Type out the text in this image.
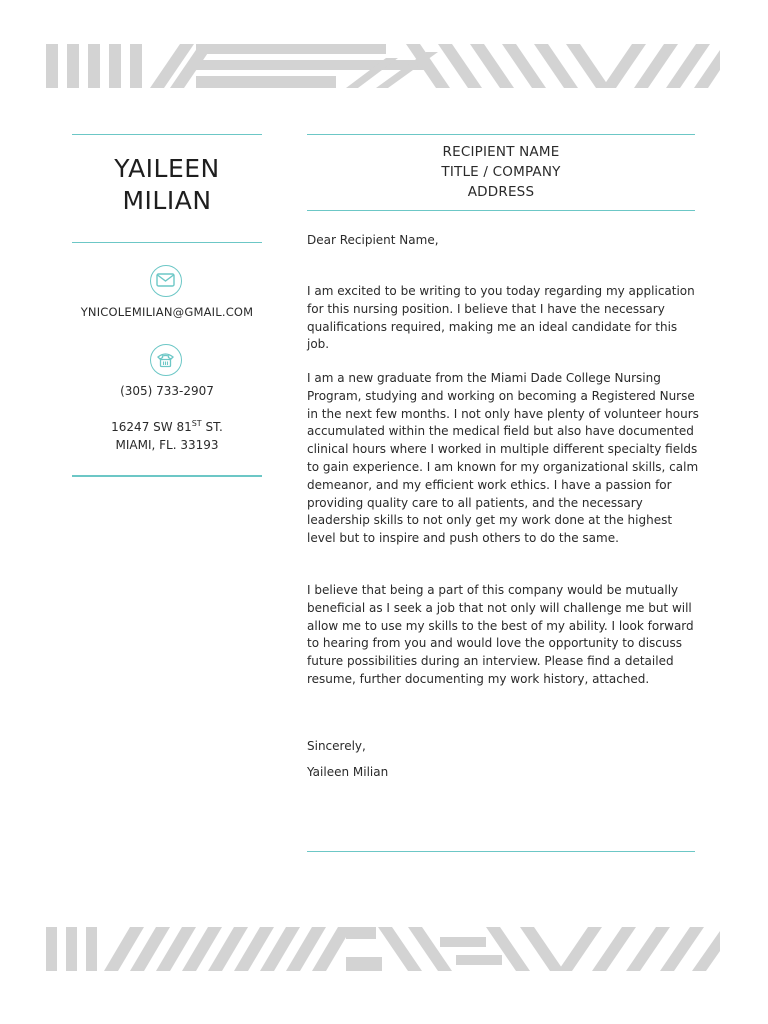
YAILEEN
MILIAN
YNICOLEMILIAN@GMAIL.COM
(305) 733-2907
16247 SW 81ST ST.
MIAMI, FL. 33193
RECIPIENT NAME
TITLE / COMPANY
ADDRESS
Dear Recipient Name,

I am excited to be writing to you today regarding my application for this nursing position. I believe that I have the necessary qualifications required, making me an ideal candidate for this job.

I am a new graduate from the Miami Dade College Nursing Program, studying and working on becoming a Registered Nurse in the next few months. I not only have plenty of volunteer hours accumulated within the medical field but also have documented clinical hours where I worked in multiple different specialty fields to gain experience. I am known for my organizational skills, calm demeanor, and my efficient work ethics. I have a passion for providing quality care to all patients, and the necessary leadership skills to not only get my work done at the highest level but to inspire and push others to do the same.

I believe that being a part of this company would be mutually beneficial as I seek a job that not only will challenge me but will allow me to use my skills to the best of my ability. I look forward to hearing from you and would love the opportunity to discuss future possibilities during an interview. Please find a detailed resume, further documenting my work history, attached.

Sincerely,
Yaileen Milian
